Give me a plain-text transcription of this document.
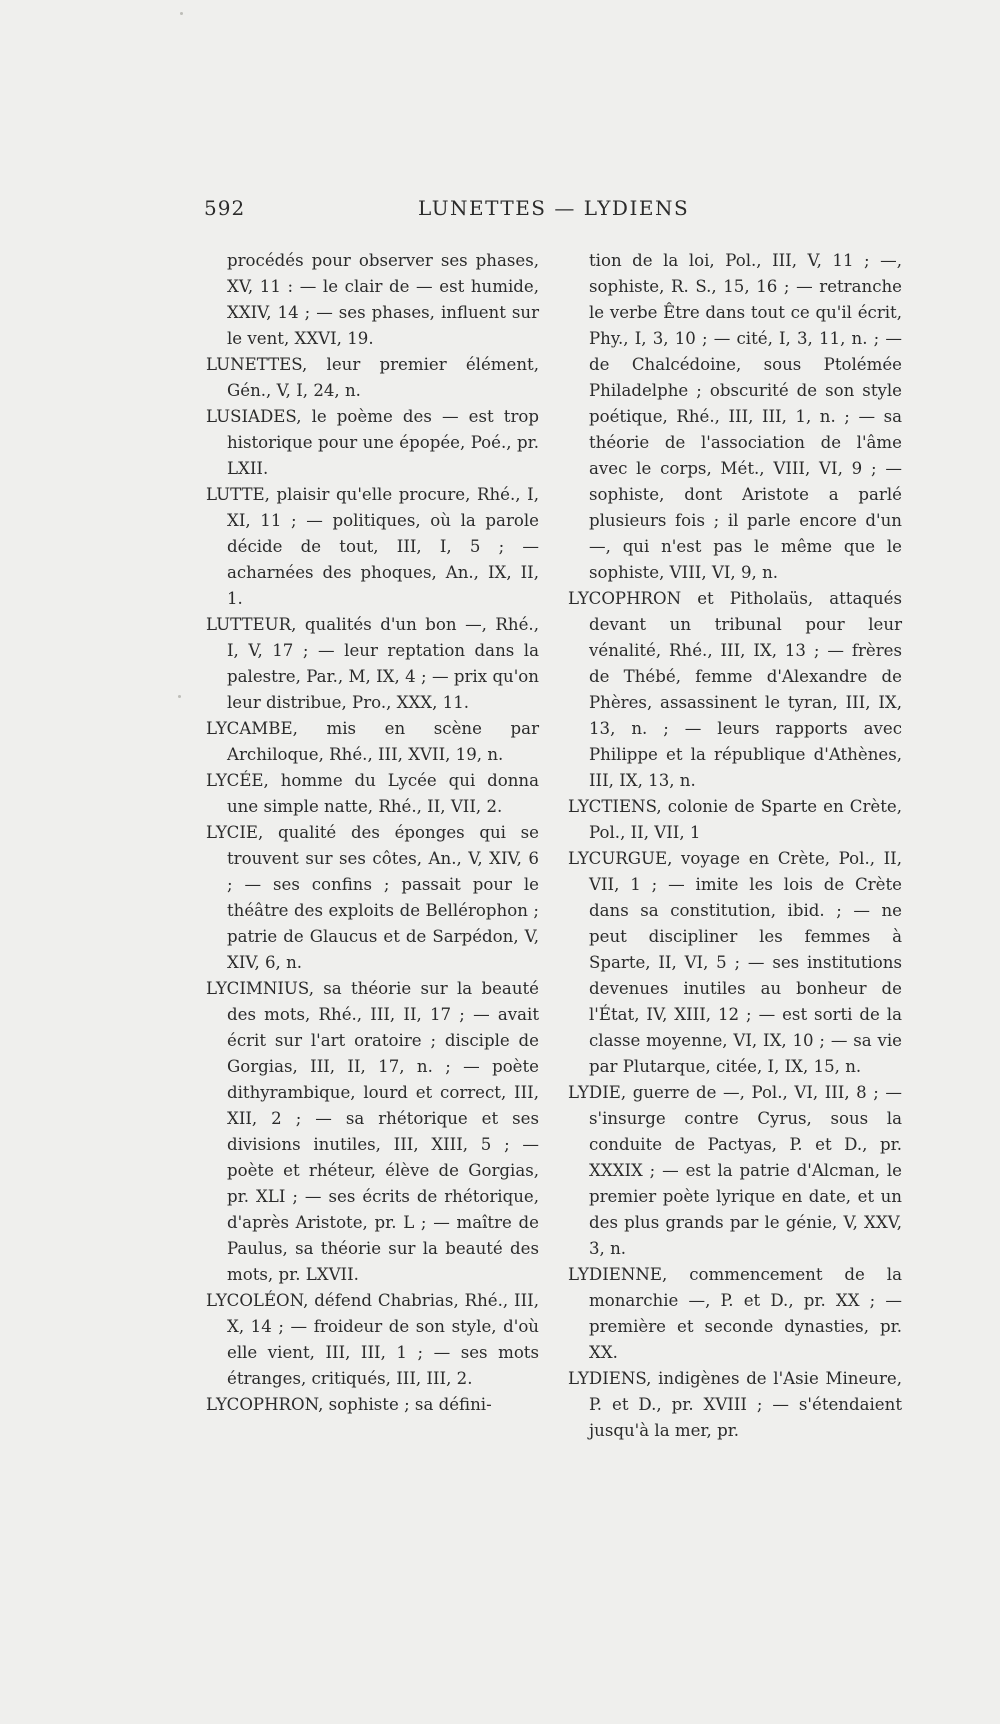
592	LUNETTES — LYDIENS

procédés pour observer ses phases, XV, 11 : — le clair de — est humide, XXIV, 14 ; — ses phases, influent sur le vent, XXVI, 19.

LUNETTES, leur premier élément, Gén., V, I, 24, n.

LUSIADES, le poème des — est trop historique pour une épopée, Poé., pr. LXII.

LUTTE, plaisir qu'elle procure, Rhé., I, XI, 11 ; — politiques, où la parole décide de tout, III, I, 5 ; — acharnées des phoques, An., IX, II, 1.

LUTTEUR, qualités d'un bon —, Rhé., I, V, 17 ; — leur reptation dans la palestre, Par., M, IX, 4 ; — prix qu'on leur distribue, Pro., XXX, 11.

LYCAMBE, mis en scène par Archiloque, Rhé., III, XVII, 19, n.

LYCÉE, homme du Lycée qui donna une simple natte, Rhé., II, VII, 2.

LYCIE, qualité des éponges qui se trouvent sur ses côtes, An., V, XIV, 6 ; — ses confins ; passait pour le théâtre des exploits de Bellérophon ; patrie de Glaucus et de Sarpédon, V, XIV, 6, n.

LYCIMNIUS, sa théorie sur la beauté des mots, Rhé., III, II, 17 ; — avait écrit sur l'art oratoire ; disciple de Gorgias, III, II, 17, n. ; — poète dithyrambique, lourd et correct, III, XII, 2 ; — sa rhétorique et ses divisions inutiles, III, XIII, 5 ; — poète et rhéteur, élève de Gorgias, pr. XLI ; — ses écrits de rhétorique, d'après Aristote, pr. L ; — maître de Paulus, sa théorie sur la beauté des mots, pr. LXVII.

LYCOLÉON, défend Chabrias, Rhé., III, X, 14 ; — froideur de son style, d'où elle vient, III, III, 1 ; — ses mots étranges, critiqués, III, III, 2.

LYCOPHRON, sophiste ; sa défini-

tion de la loi, Pol., III, V, 11 ; —, sophiste, R. S., 15, 16 ; — retranche le verbe Être dans tout ce qu'il écrit, Phy., I, 3, 10 ; — cité, I, 3, 11, n. ; — de Chalcédoine, sous Ptolémée Philadelphe ; obscurité de son style poétique, Rhé., III, III, 1, n. ; — sa théorie de l'association de l'âme avec le corps, Mét., VIII, VI, 9 ; — sophiste, dont Aristote a parlé plusieurs fois ; il parle encore d'un —, qui n'est pas le même que le sophiste, VIII, VI, 9, n.

LYCOPHRON et Pitholaüs, attaqués devant un tribunal pour leur vénalité, Rhé., III, IX, 13 ; — frères de Thébé, femme d'Alexandre de Phères, assassinent le tyran, III, IX, 13, n. ; — leurs rapports avec Philippe et la république d'Athènes, III, IX, 13, n.

LYCTIENS, colonie de Sparte en Crète, Pol., II, VII, 1

LYCURGUE, voyage en Crète, Pol., II, VII, 1 ; — imite les lois de Crète dans sa constitution, ibid. ; — ne peut discipliner les femmes à Sparte, II, VI, 5 ; — ses institutions devenues inutiles au bonheur de l'État, IV, XIII, 12 ; — est sorti de la classe moyenne, VI, IX, 10 ; — sa vie par Plutarque, citée, I, IX, 15, n.

LYDIE, guerre de —, Pol., VI, III, 8 ; — s'insurge contre Cyrus, sous la conduite de Pactyas, P. et D., pr. XXXIX ; — est la patrie d'Alcman, le premier poète lyrique en date, et un des plus grands par le génie, V, XXV, 3, n.

LYDIENNE, commencement de la monarchie —, P. et D., pr. XX ; — première et seconde dynasties, pr. XX.

LYDIENS, indigènes de l'Asie Mineure, P. et D., pr. XVIII ; — s'étendaient jusqu'à la mer, pr.
